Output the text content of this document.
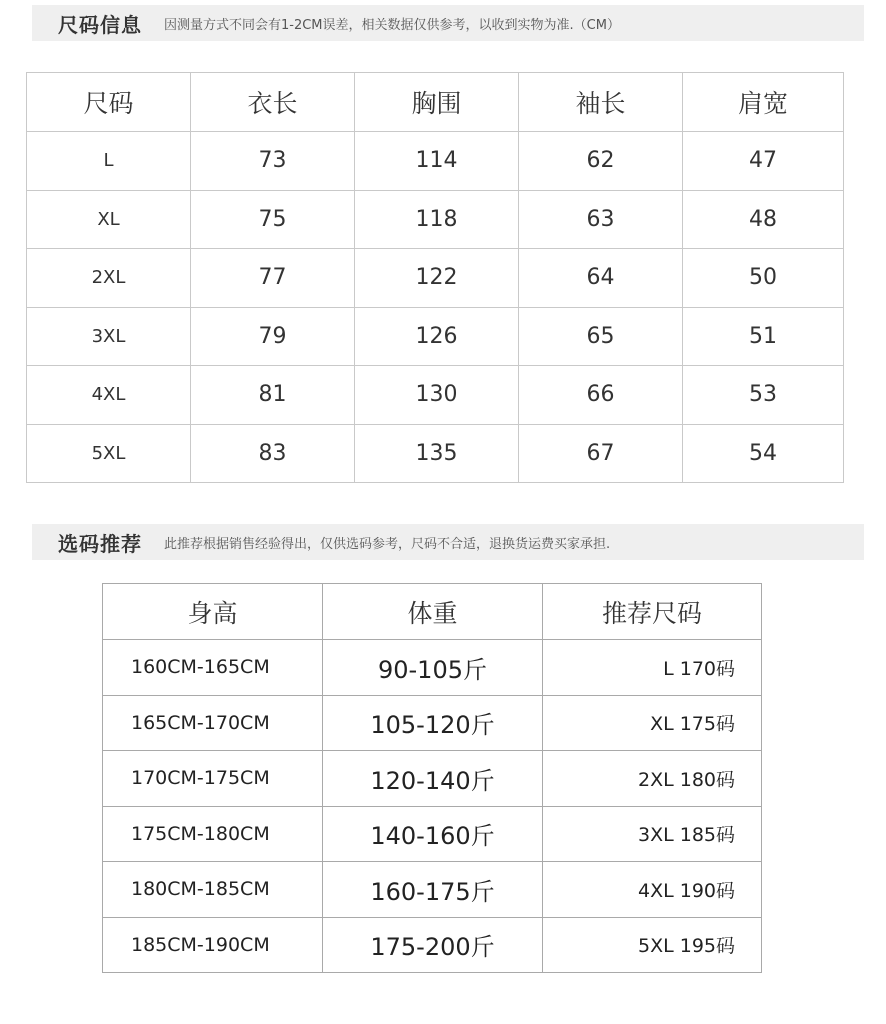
尺码信息 因测量方式不同会有1-2CM误差，相关数据仅供参考，以收到实物为准.（CM）
尺码	衣长	胸围	袖长	肩宽
L	73	114	62	47
XL	75	118	63	48
2XL	77	122	64	50
3XL	79	126	65	51
4XL	81	130	66	53
5XL	83	135	67	54
选码推荐 此推荐根据销售经验得出，仅供选码参考，尺码不合适，退换货运费买家承担.
身高	体重	推荐尺码
160CM-165CM	90-105斤	L 170码
165CM-170CM	105-120斤	XL 175码
170CM-175CM	120-140斤	2XL 180码
175CM-180CM	140-160斤	3XL 185码
180CM-185CM	160-175斤	4XL 190码
185CM-190CM	175-200斤	5XL 195码
